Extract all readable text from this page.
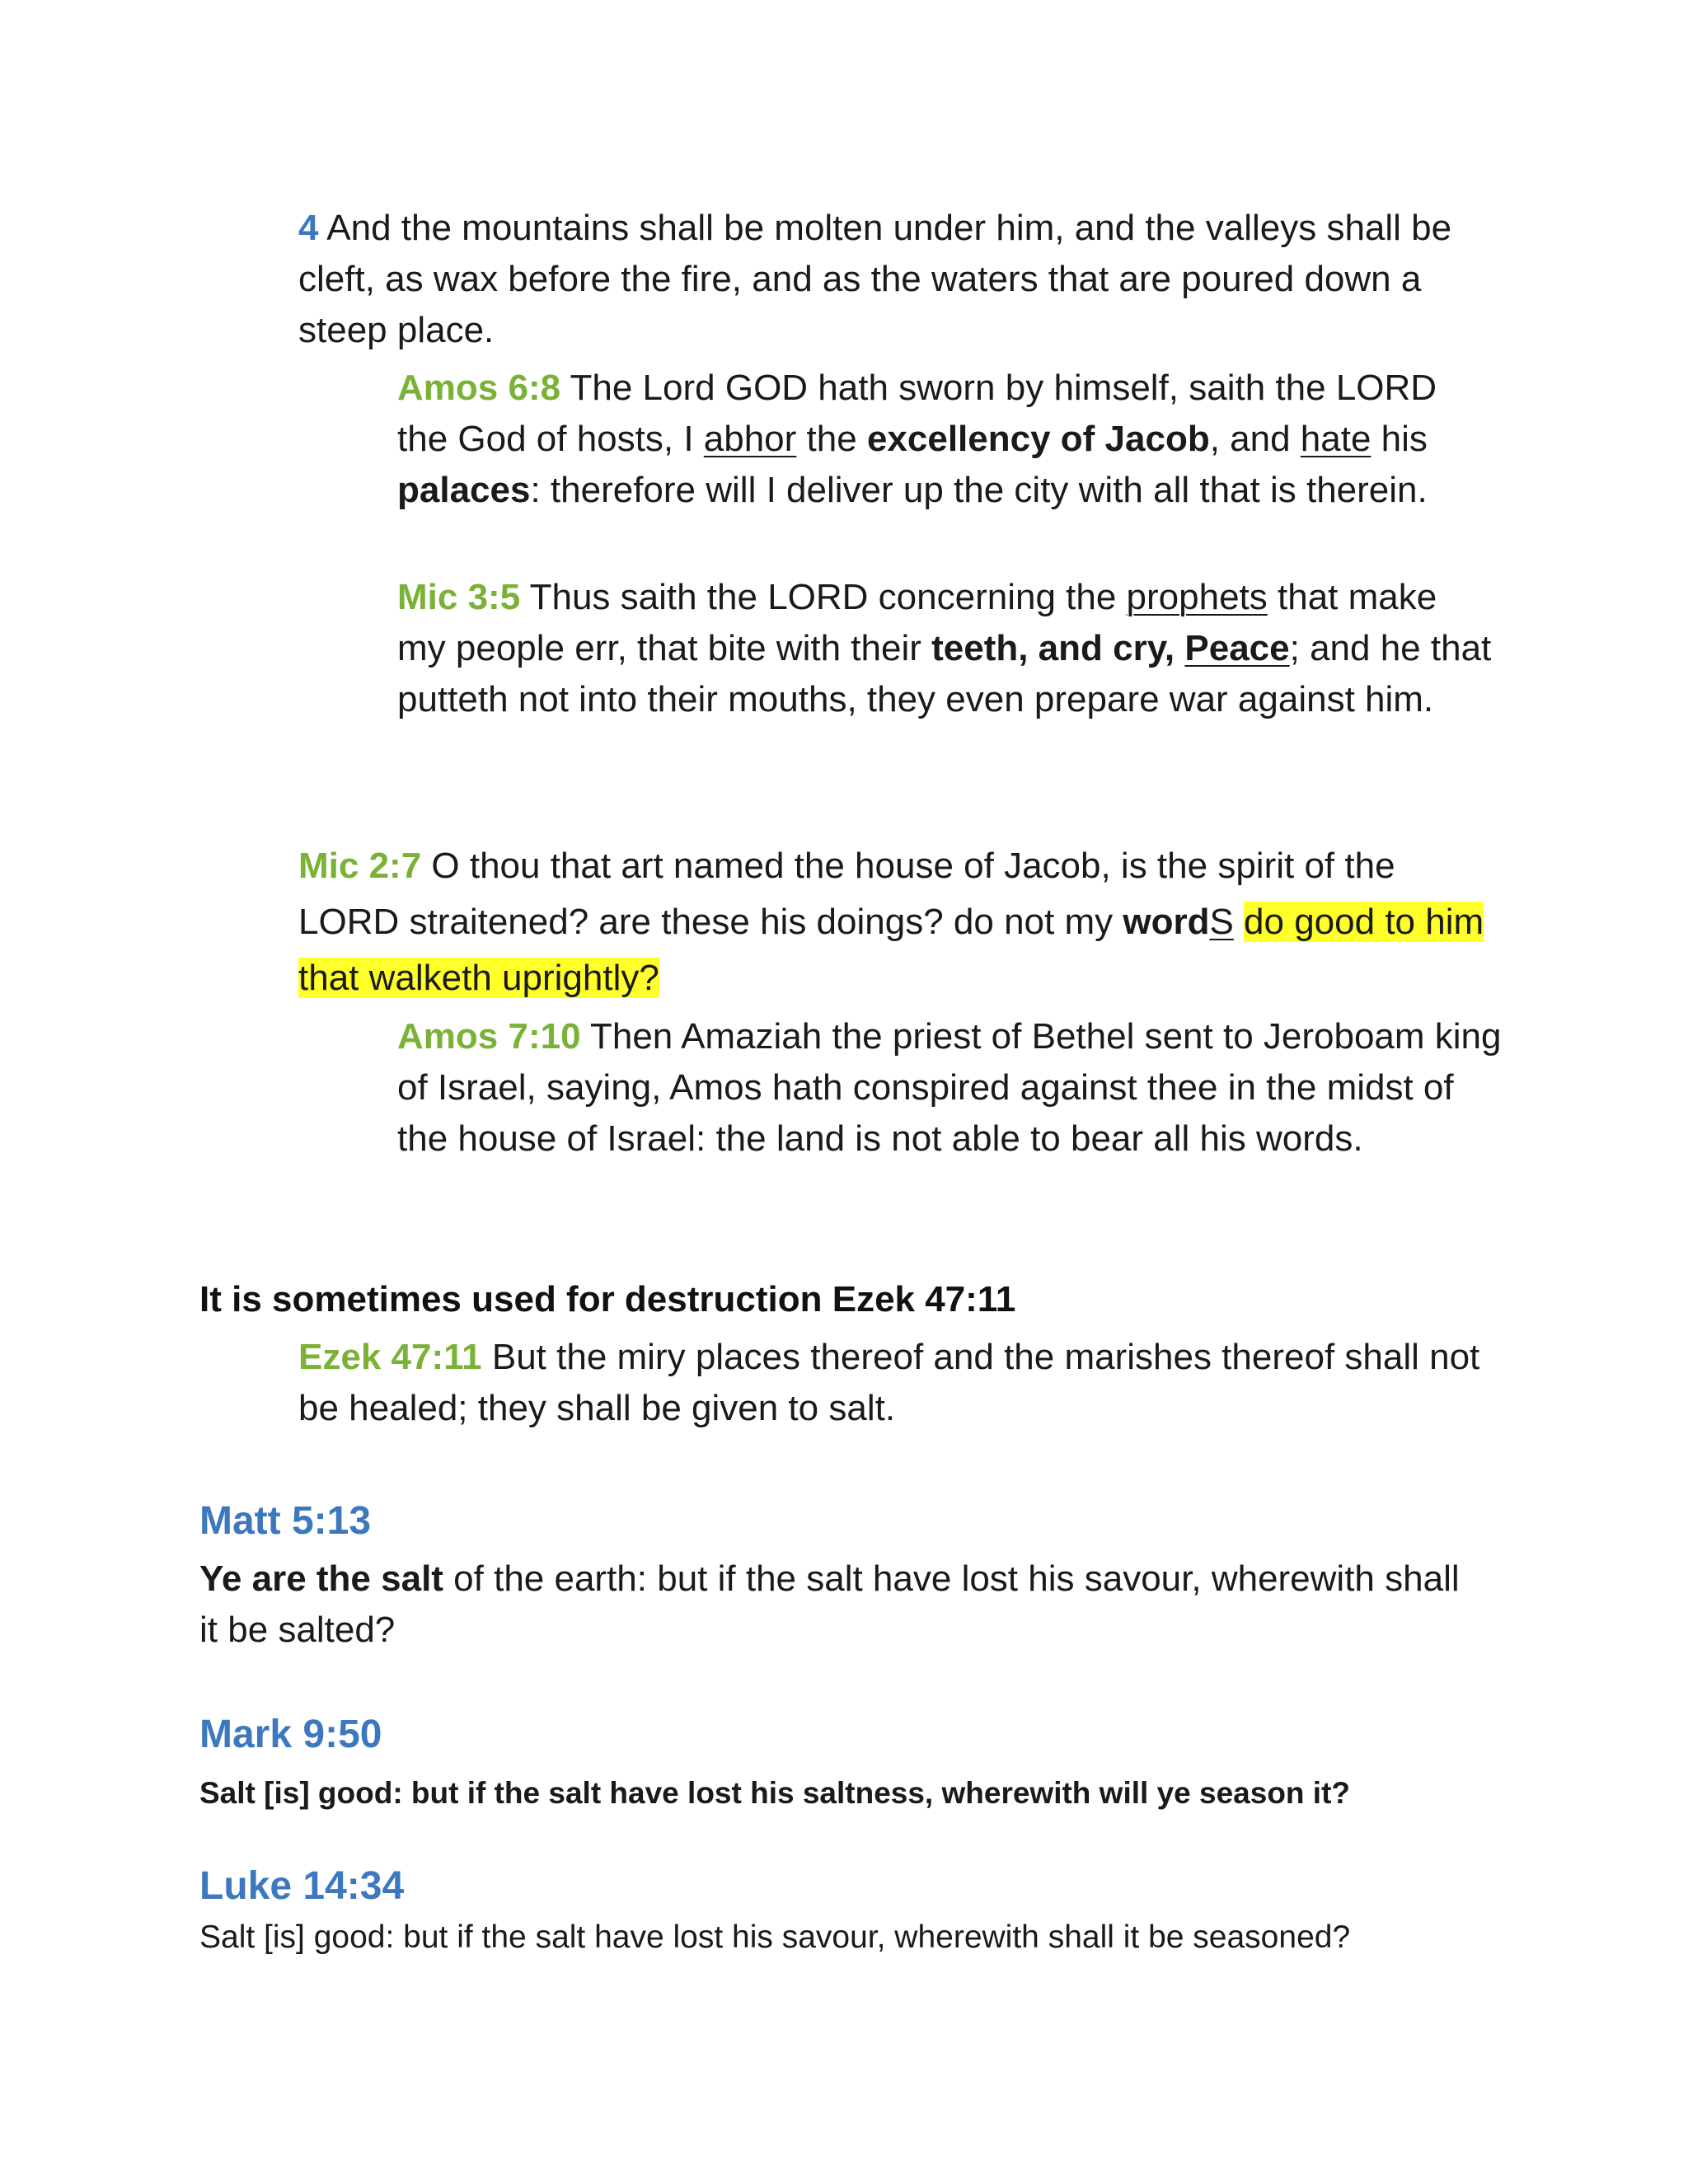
4 And the mountains shall be molten under him, and the valleys shall be cleft, as wax before the fire, and as the waters that are poured down a steep place.
Amos 6:8 The Lord GOD hath sworn by himself, saith the LORD the God of hosts, I abhor the excellency of Jacob, and hate his palaces: therefore will I deliver up the city with all that is therein.
Mic 3:5 Thus saith the LORD concerning the prophets that make my people err, that bite with their teeth, and cry, Peace; and he that putteth not into their mouths, they even prepare war against him.
Mic 2:7 O thou that art named the house of Jacob, is the spirit of the LORD straitened? are these his doings? do not my wordS do good to him that walketh uprightly?
Amos 7:10 Then Amaziah the priest of Bethel sent to Jeroboam king of Israel, saying, Amos hath conspired against thee in the midst of the house of Israel: the land is not able to bear all his words.
It is sometimes used for destruction Ezek 47:11
Ezek 47:11 But the miry places thereof and the marishes thereof shall not be healed; they shall be given to salt.
Matt 5:13
Ye are the salt of the earth: but if the salt have lost his savour, wherewith shall it be salted?
Mark 9:50
Salt [is] good: but if the salt have lost his saltness, wherewith will ye season it?
Luke 14:34
Salt [is] good: but if the salt have lost his savour, wherewith shall it be seasoned?
